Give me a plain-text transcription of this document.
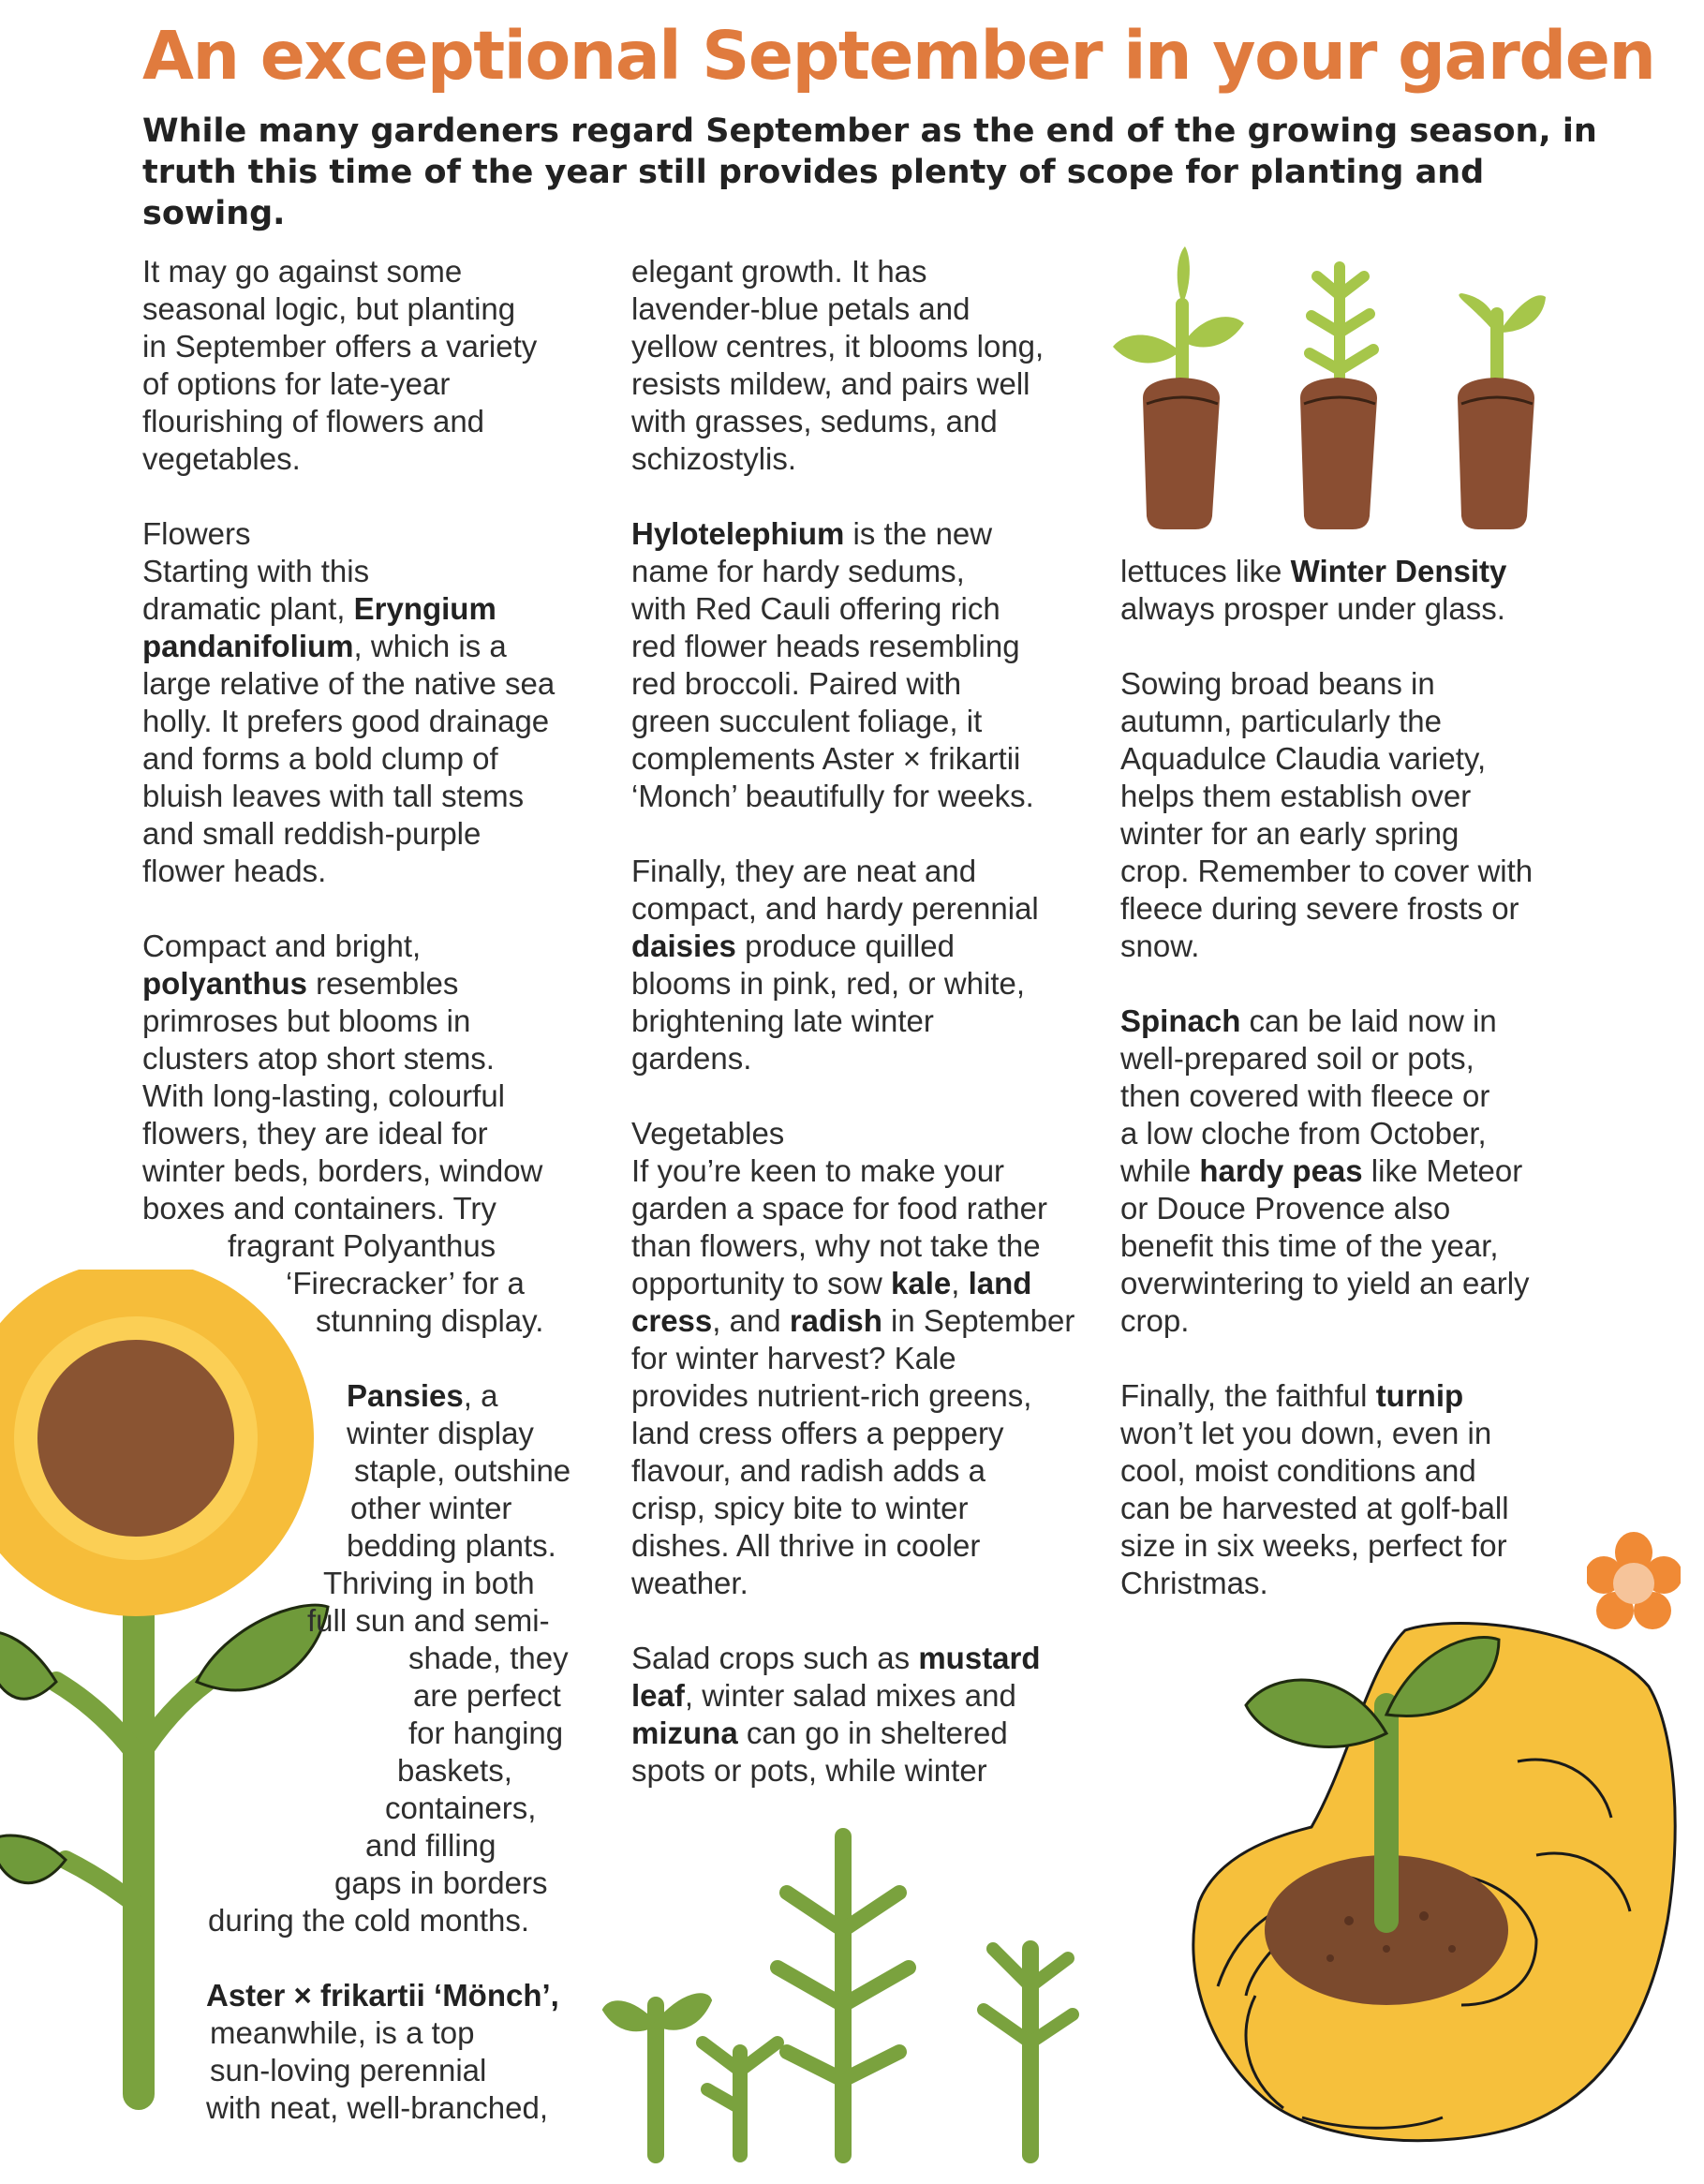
An exceptional September in your garden

While many gardeners regard September as the end of the growing season, in truth this time of the year still provides plenty of scope for planting and sowing.

It may go against some
seasonal logic, but planting
in September offers a variety
of options for late-year
flourishing of flowers and
vegetables.
Flowers
Starting with this
dramatic plant, Eryngium
pandanifolium, which is a
large relative of the native sea
holly. It prefers good drainage
and forms a bold clump of
bluish leaves with tall stems
and small reddish-purple
flower heads.
Compact and bright,
polyanthus resembles
primroses but blooms in
clusters atop short stems.
With long-lasting, colourful
flowers, they are ideal for
winter beds, borders, window
boxes and containers. Try
fragrant Polyanthus
‘Firecracker’ for a
stunning display.
Pansies, a
winter display
staple, outshine
other winter
bedding plants.
Thriving in both
full sun and semi-
shade, they
are perfect
for hanging
baskets,
containers,
and filling
gaps in borders
during the cold months.
Aster × frikartii ‘Mönch’,
meanwhile, is a top
sun-loving perennial
with neat, well-branched,
elegant growth. It has
lavender-blue petals and
yellow centres, it blooms long,
resists mildew, and pairs well
with grasses, sedums, and
schizostylis.
Hylotelephium is the new
name for hardy sedums,
with Red Cauli offering rich
red flower heads resembling
red broccoli. Paired with
green succulent foliage, it
complements Aster × frikartii
‘Monch’ beautifully for weeks.
Finally, they are neat and
compact, and hardy perennial
daisies produce quilled
blooms in pink, red, or white,
brightening late winter
gardens.
Vegetables
If you’re keen to make your
garden a space for food rather
than flowers, why not take the
opportunity to sow kale, land
cress, and radish in September
for winter harvest? Kale
provides nutrient-rich greens,
land cress offers a peppery
flavour, and radish adds a
crisp, spicy bite to winter
dishes. All thrive in cooler
weather.
Salad crops such as mustard
leaf, winter salad mixes and
mizuna can go in sheltered
spots or pots, while winter
lettuces like Winter Density
always prosper under glass.
Sowing broad beans in
autumn, particularly the
Aquadulce Claudia variety,
helps them establish over
winter for an early spring
crop. Remember to cover with
fleece during severe frosts or
snow.
Spinach can be laid now in
well-prepared soil or pots,
then covered with fleece or
a low cloche from October,
while hardy peas like Meteor
or Douce Provence also
benefit this time of the year,
overwintering to yield an early
crop.
Finally, the faithful turnip
won’t let you down, even in
cool, moist conditions and
can be harvested at golf-ball
size in six weeks, perfect for
Christmas.
